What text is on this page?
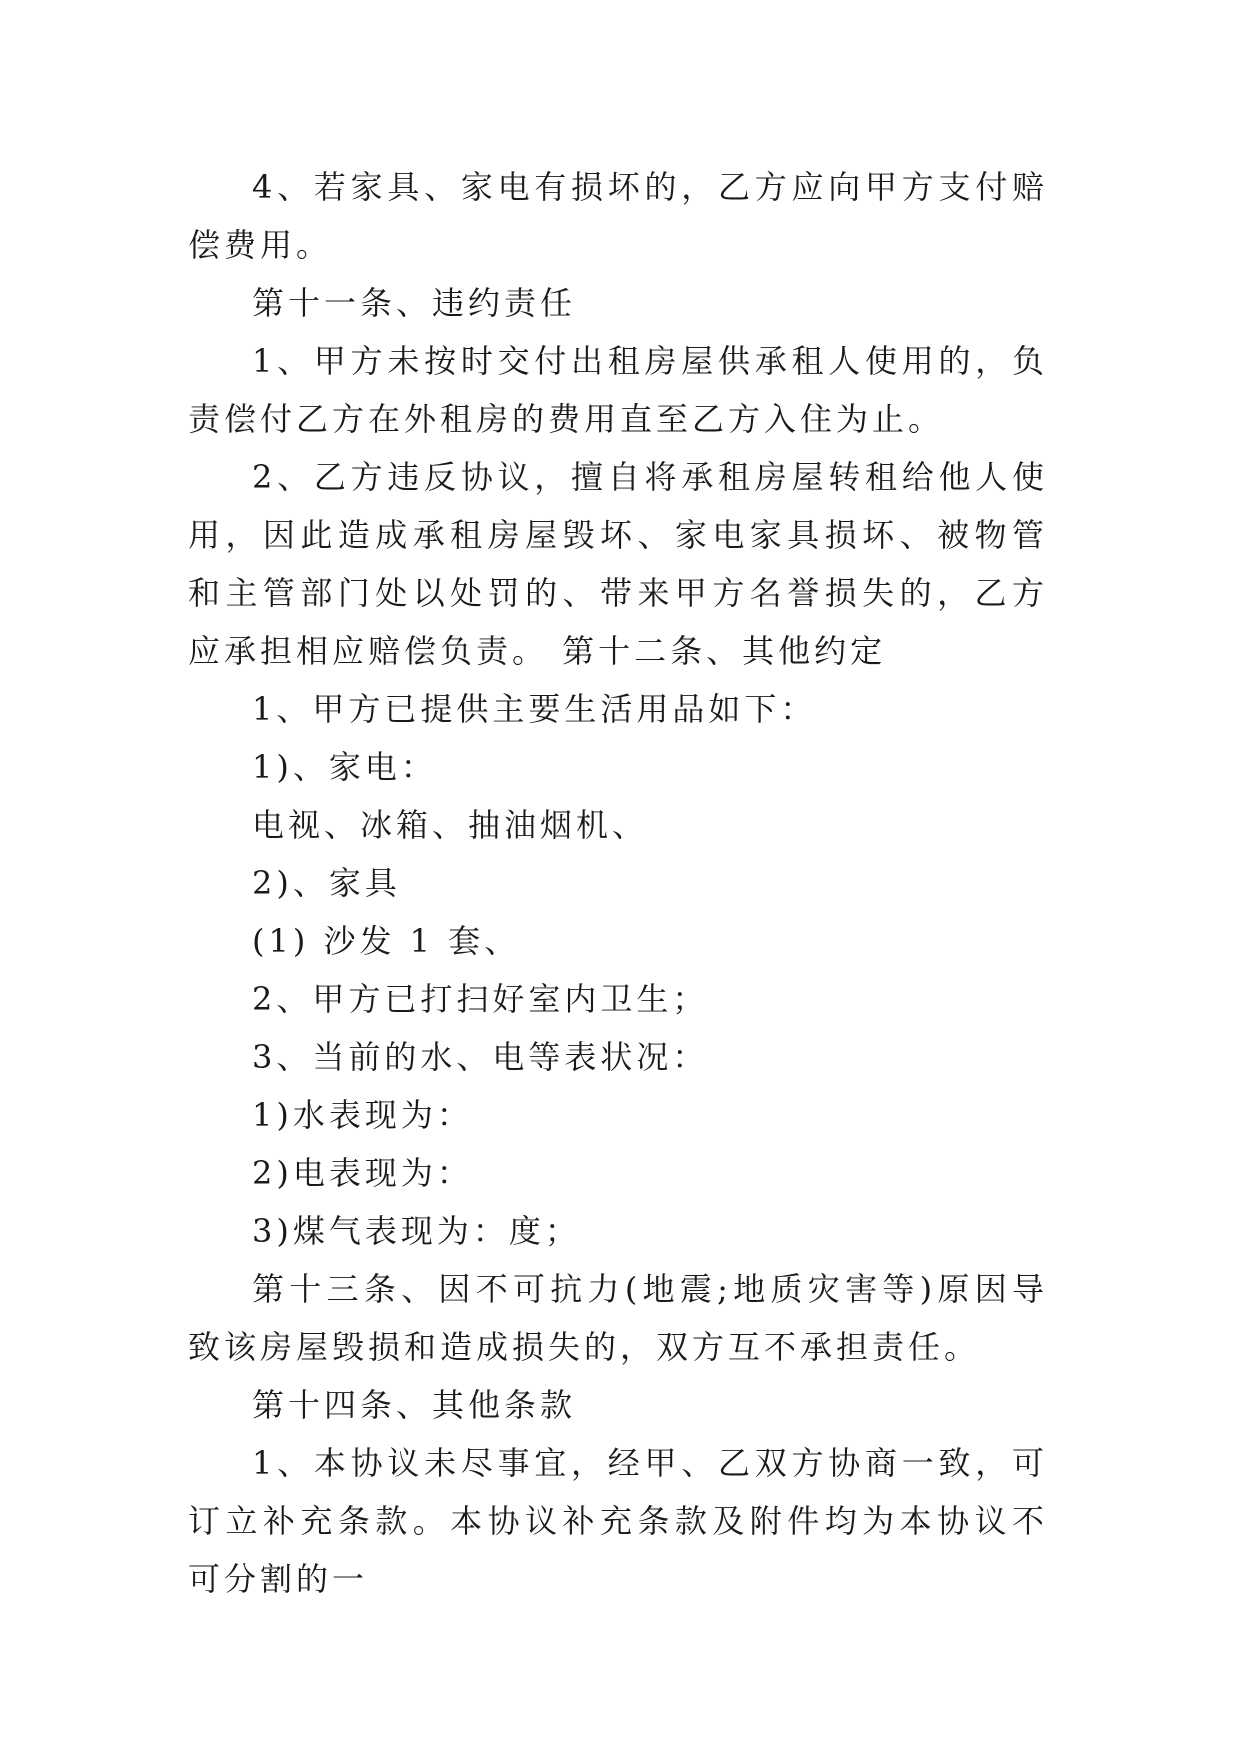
4、若家具、家电有损坏的，乙方应向甲方支付赔偿费用。

第十一条、违约责任

1、甲方未按时交付出租房屋供承租人使用的，负责偿付乙方在外租房的费用直至乙方入住为止。

2、乙方违反协议，擅自将承租房屋转租给他人使用，因此造成承租房屋毁坏、家电家具损坏、被物管和主管部门处以处罚的、带来甲方名誉损失的，乙方应承担相应赔偿负责。 第十二条、其他约定

1、甲方已提供主要生活用品如下：

1)、家电：

电视、冰箱、抽油烟机、

2)、家具

(1) 沙发 1 套、

2、甲方已打扫好室内卫生；

3、当前的水、电等表状况：

1)水表现为：

2)电表现为：

3)煤气表现为：度；

第十三条、因不可抗力(地震;地质灾害等)原因导致该房屋毁损和造成损失的，双方互不承担责任。

第十四条、其他条款

1、本协议未尽事宜，经甲、乙双方协商一致，可订立补充条款。本协议补充条款及附件均为本协议不可分割的一
